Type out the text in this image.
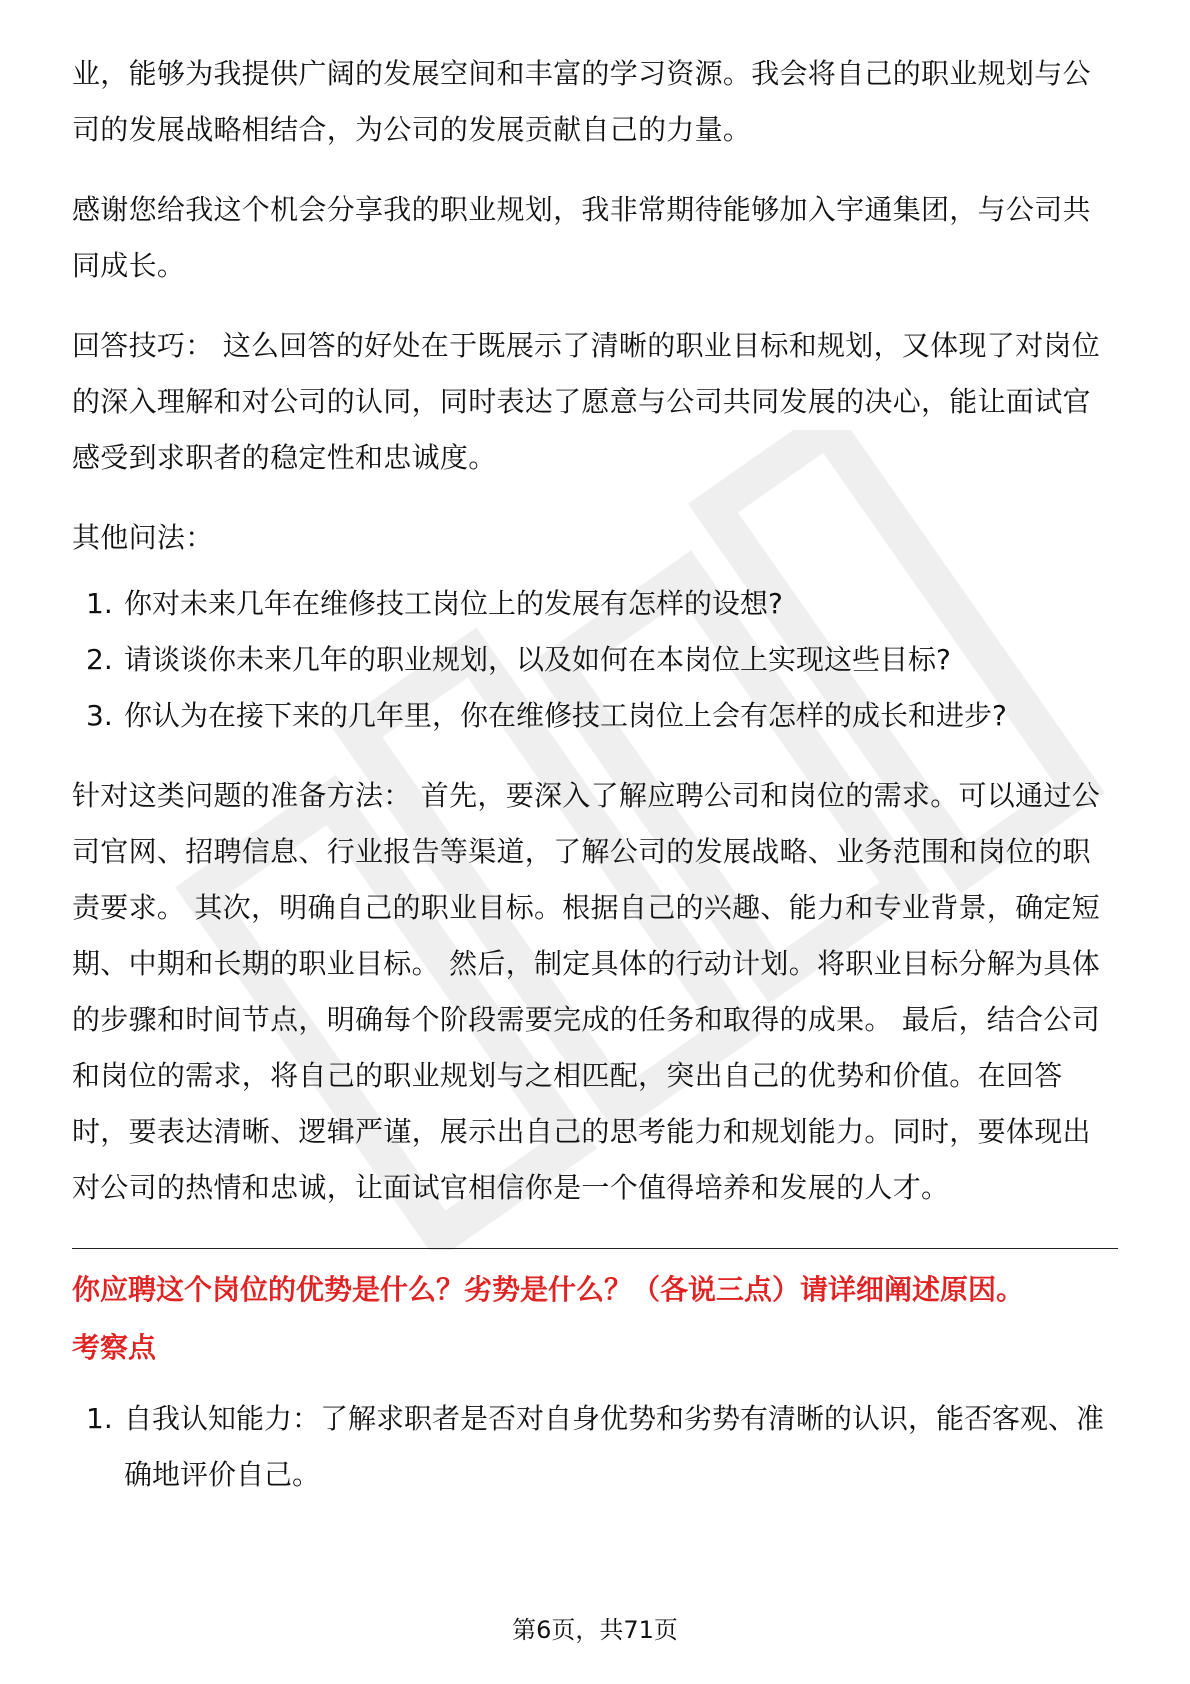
业，能够为我提供广阔的发展空间和丰富的学习资源。我会将自己的职业规划与公司的发展战略相结合，为公司的发展贡献自己的力量。

感谢您给我这个机会分享我的职业规划，我非常期待能够加入宇通集团，与公司共同成长。

回答技巧： 这么回答的好处在于既展示了清晰的职业目标和规划，又体现了对岗位的深入理解和对公司的认同，同时表达了愿意与公司共同发展的决心，能让面试官感受到求职者的稳定性和忠诚度。

其他问法：

1. 你对未来几年在维修技工岗位上的发展有怎样的设想?
2. 请谈谈你未来几年的职业规划，以及如何在本岗位上实现这些目标?
3. 你认为在接下来的几年里，你在维修技工岗位上会有怎样的成长和进步?

针对这类问题的准备方法： 首先，要深入了解应聘公司和岗位的需求。可以通过公司官网、招聘信息、行业报告等渠道，了解公司的发展战略、业务范围和岗位的职责要求。 其次，明确自己的职业目标。根据自己的兴趣、能力和专业背景，确定短期、中期和长期的职业目标。 然后，制定具体的行动计划。将职业目标分解为具体的步骤和时间节点，明确每个阶段需要完成的任务和取得的成果。 最后，结合公司和岗位的需求，将自己的职业规划与之相匹配，突出自己的优势和价值。在回答时，要表达清晰、逻辑严谨，展示出自己的思考能力和规划能力。同时，要体现出对公司的热情和忠诚，让面试官相信你是一个值得培养和发展的人才。

你应聘这个岗位的优势是什么？劣势是什么？（各说三点）请详细阐述原因。

考察点

1. 自我认知能力：了解求职者是否对自身优势和劣势有清晰的认识，能否客观、准确地评价自己。
第6页，共71页
